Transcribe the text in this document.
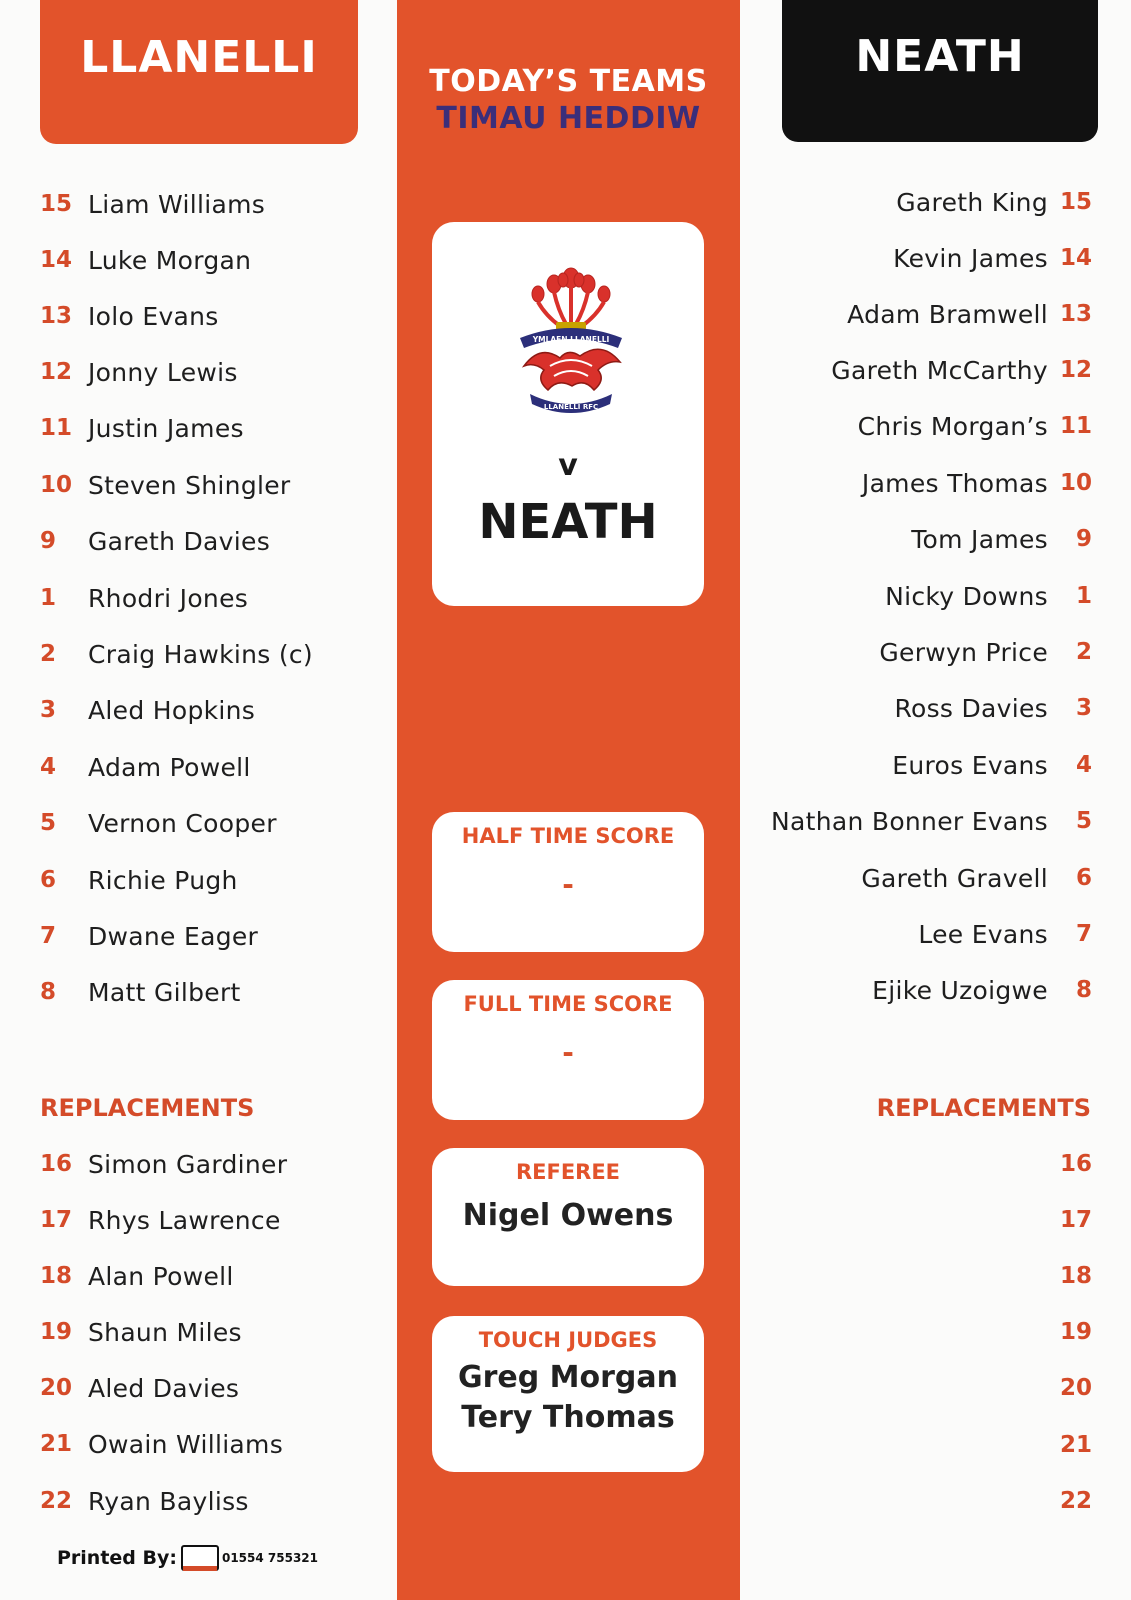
LLANELLI	NEATH
TODAY’S TEAMS
TIMAU HEDDIW
YMLAEN LLANELLI
LLANELLI RFC
v
NEATH
HALF TIME SCORE
-
FULL TIME SCORE
-
REFEREE
Nigel Owens
TOUCH JUDGES
Greg Morgan
Tery Thomas
15 Liam Williams
14 Luke Morgan
13 Iolo Evans
12 Jonny Lewis
11 Justin James
10 Steven Shingler
9	Gareth Davies
1	Rhodri Jones
2	Craig Hawkins (c)
3	Aled Hopkins
4	Adam Powell
5	Vernon Cooper
6	Richie Pugh
7	Dwane Eager
8	Matt Gilbert
Gareth King 15
Kevin James 14
Adam Bramwell 13
Gareth McCarthy 12
Chris Morgan’s 11
James Thomas 10
Tom James	9
Nicky Downs	1
Gerwyn Price	2
Ross Davies	3
Euros Evans	4
Nathan Bonner Evans	5
Gareth Gravell	6
Lee Evans	7
Ejike Uzoigwe	8
REPLACEMENTS	REPLACEMENTS
16 Simon Gardiner
17 Rhys Lawrence
18 Alan Powell
19 Shaun Miles
20 Aled Davies
21 Owain Williams
22 Ryan Bayliss
16
17
18
19
20
21
22
Printed By:	01554 755321
